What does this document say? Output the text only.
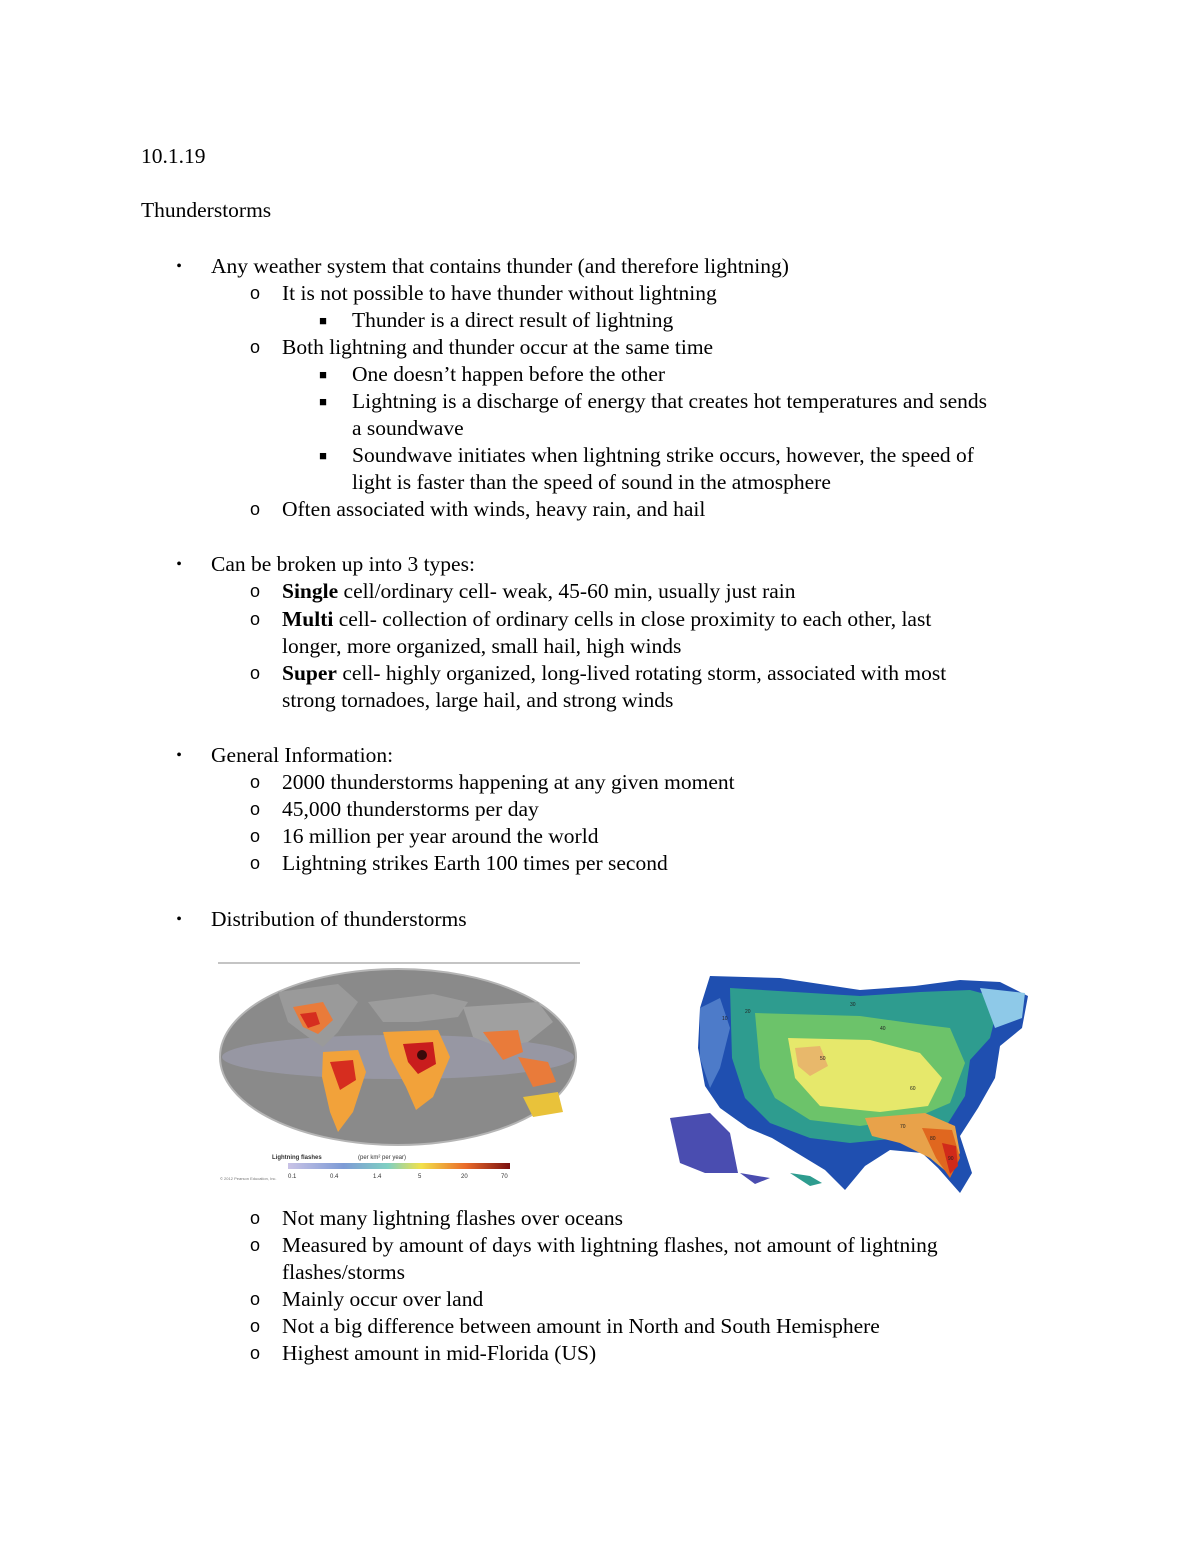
10.1.19
Thunderstorms
• Any weather system that contains thunder (and therefore lightning)
o It is not possible to have thunder without lightning
■ Thunder is a direct result of lightning
o Both lightning and thunder occur at the same time
■ One doesn’t happen before the other
■ Lightning is a discharge of energy that creates hot temperatures and sends
a soundwave
■ Soundwave initiates when lightning strike occurs, however, the speed of
light is faster than the speed of sound in the atmosphere
o Often associated with winds, heavy rain, and hail
• Can be broken up into 3 types:
o Single cell/ordinary cell- weak, 45-60 min, usually just rain
o Multi cell- collection of ordinary cells in close proximity to each other, last
longer, more organized, small hail, high winds
o Super cell- highly organized, long-lived rotating storm, associated with most
strong tornadoes, large hail, and strong winds
• General Information:
o 2000 thunderstorms happening at any given moment
o 45,000 thunderstorms per day
o 16 million per year around the world
o Lightning strikes Earth 100 times per second
• Distribution of thunderstorms
Lightning flashes	(per km² per year)
0.1	0.4	1.4	5	20	70
© 2012 Pearson Education, Inc.
10
20
30
40
50
60
70
80
90
o Not many lightning flashes over oceans
o Measured by amount of days with lightning flashes, not amount of lightning
flashes/storms
o Mainly occur over land
o Not a big difference between amount in North and South Hemisphere
o Highest amount in mid-Florida (US)
